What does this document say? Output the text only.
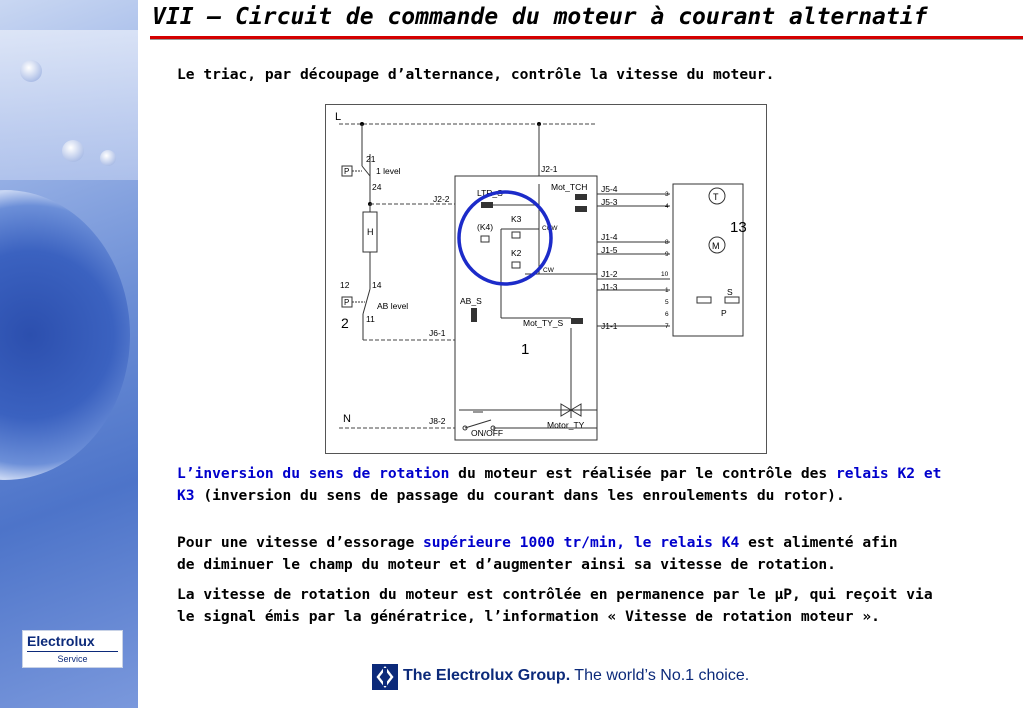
Electrolux
Service
VII – Circuit de commande du moteur à courant alternatif
Le triac, par découpage d’alternance, contrôle la vitesse du moteur.
L
N
P
21
1 level
24
H
P
12	14
AB level
11
2
J2-1
J2-2
LTR_S
Mot_TCH
K3
(K4)
K2
CCW
CW
AB_S
Mot_TY_S
1
J6-1
Motor_TY
J8-2
ON/OFF
J5-4
J5-3
J1-4
J1-5
J1-2
J1-3
J1-1
3
4
8
9
10
1
5
6
7
T
M
13
S
P
L’inversion du sens de rotation du moteur est réalisée par le contrôle des relais K2 et
K3 (inversion du sens de passage du courant dans les enroulements du rotor).
Pour une vitesse d’essorage supérieure 1000 tr/min, le relais K4 est alimenté afin
de diminuer le champ du moteur et d’augmenter ainsi sa vitesse de rotation.
La vitesse de rotation du moteur est contrôlée en permanence par le µP, qui reçoit via
le signal émis par la génératrice, l’information « Vitesse de rotation moteur ».
The Electrolux Group. The world’s No.1 choice.
